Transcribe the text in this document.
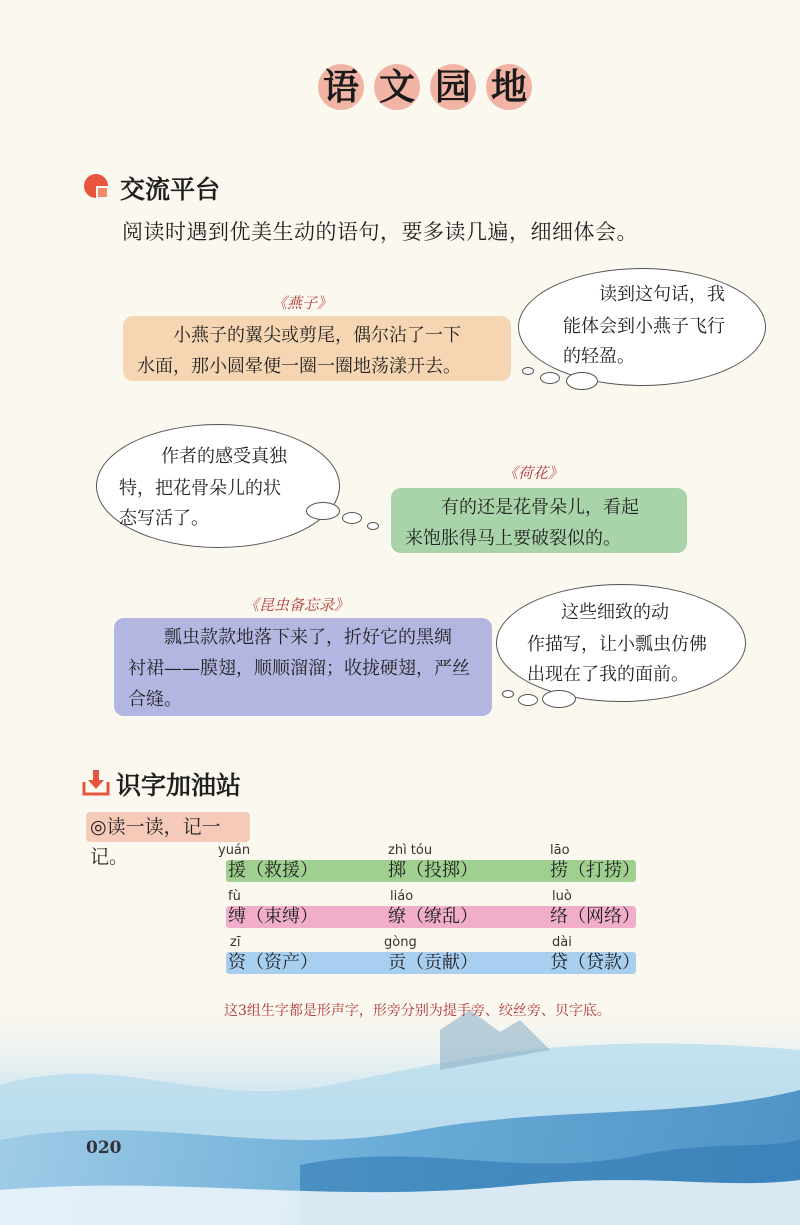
语 文 园 地
交流平台
阅读时遇到优美生动的语句，要多读几遍，细细体会。
《燕子》
小燕子的翼尖或剪尾，偶尔沾了一下
水面，那小圆晕便一圈一圈地荡漾开去。
读到这句话，我
能体会到小燕子飞行
的轻盈。
作者的感受真独
特，把花骨朵儿的状
态写活了。
《荷花》
有的还是花骨朵儿，看起
来饱胀得马上要破裂似的。
《昆虫备忘录》
瓢虫款款地落下来了，折好它的黑绸
衬裙——膜翅，顺顺溜溜；收拢硬翅，严丝
合缝。
这些细致的动
作描写，让小瓢虫仿佛
出现在了我的面前。
识字加油站
◎读一读，记一记。	yuán
援（救援）
zhì tóu
掷（投掷）
lāo
捞（打捞）
fù
缚（束缚）
liáo
缭（缭乱）
luò
络（网络）
zī
资（资产）
gòng
贡（贡献）
dài
贷（贷款）
这3组生字都是形声字，形旁分别为提手旁、绞丝旁、贝字底。
020
